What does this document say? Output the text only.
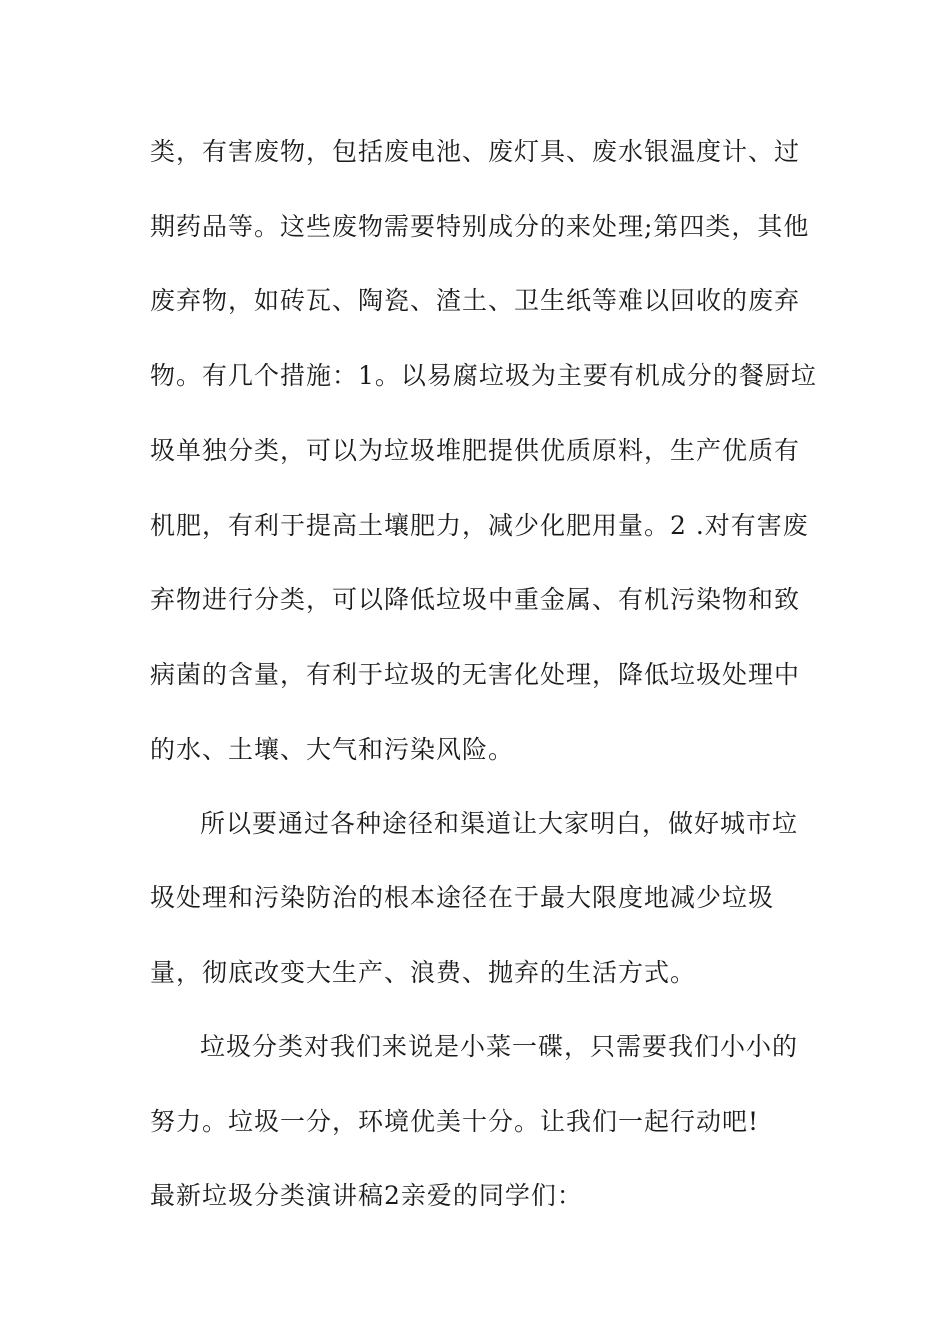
类，有害废物，包括废电池、废灯具、废水银温度计、过
期药品等。这些废物需要特别成分的来处理;第四类，其他
废弃物，如砖瓦、陶瓷、渣土、卫生纸等难以回收的废弃
物。有几个措施：1。以易腐垃圾为主要有机成分的餐厨垃
圾单独分类，可以为垃圾堆肥提供优质原料，生产优质有
机肥，有利于提高土壤肥力，减少化肥用量。2 .对有害废
弃物进行分类，可以降低垃圾中重金属、有机污染物和致
病菌的含量，有利于垃圾的无害化处理，降低垃圾处理中
的水、土壤、大气和污染风险。
所以要通过各种途径和渠道让大家明白，做好城市垃
圾处理和污染防治的根本途径在于最大限度地减少垃圾
量，彻底改变大生产、浪费、抛弃的生活方式。
垃圾分类对我们来说是小菜一碟，只需要我们小小的
努力。垃圾一分，环境优美十分。让我们一起行动吧!
最新垃圾分类演讲稿2亲爱的同学们：
